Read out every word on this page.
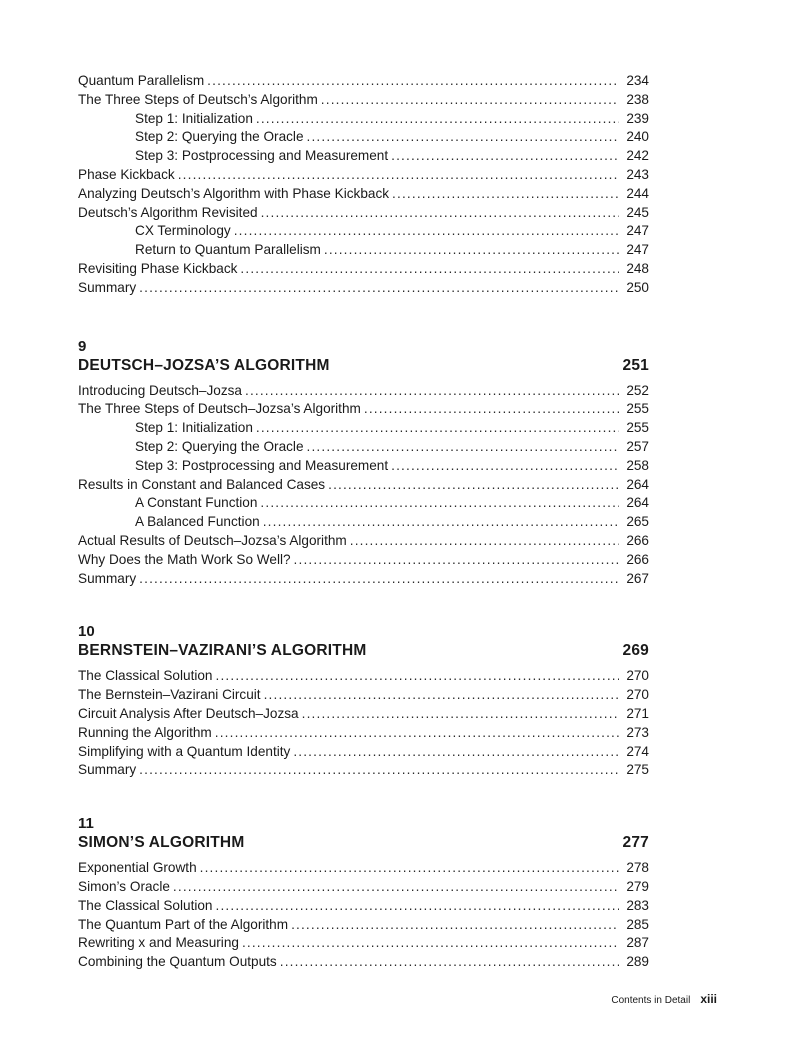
Quantum Parallelism . . .	234
The Three Steps of Deutsch’s Algorithm . . .	238
Step 1: Initialization . . .	239
Step 2: Querying the Oracle . . .	240
Step 3: Postprocessing and Measurement . . .	242
Phase Kickback . . .	243
Analyzing Deutsch’s Algorithm with Phase Kickback . . .	244
Deutsch’s Algorithm Revisited . . .	245
CX Terminology . . .	247
Return to Quantum Parallelism . . .	247
Revisiting Phase Kickback . . .	248
Summary . . .	250
9
DEUTSCH–JOZSA’S ALGORITHM	251
Introducing Deutsch–Jozsa . . .	252
The Three Steps of Deutsch–Jozsa’s Algorithm . . .	255
Step 1: Initialization . . .	255
Step 2: Querying the Oracle . . .	257
Step 3: Postprocessing and Measurement . . .	258
Results in Constant and Balanced Cases . . .	264
A Constant Function . . .	264
A Balanced Function . . .	265
Actual Results of Deutsch–Jozsa’s Algorithm . . .	266
Why Does the Math Work So Well? . . .	266
Summary . . .	267
10
BERNSTEIN–VAZIRANI’S ALGORITHM	269
The Classical Solution . . .	270
The Bernstein–Vazirani Circuit . . .	270
Circuit Analysis After Deutsch–Jozsa . . .	271
Running the Algorithm . . .	273
Simplifying with a Quantum Identity . . .	274
Summary . . .	275
11
SIMON’S ALGORITHM	277
Exponential Growth . . .	278
Simon’s Oracle . . .	279
The Classical Solution . . .	283
The Quantum Part of the Algorithm . . .	285
Rewriting x and Measuring . . .	287
Combining the Quantum Outputs . . .	289
Contents in Detail xiii
